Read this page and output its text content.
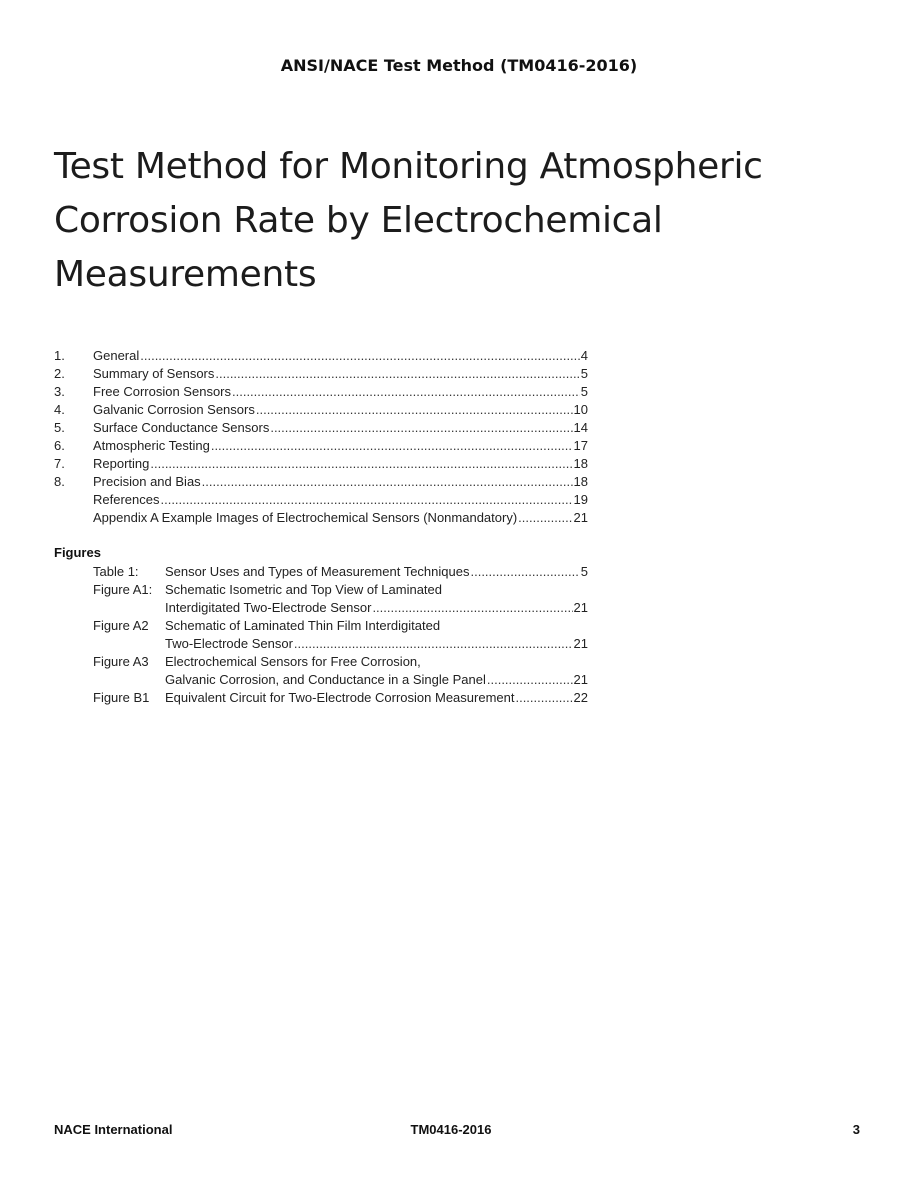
ANSI/NACE Test Method (TM0416-2016)
Test Method for Monitoring Atmospheric Corrosion Rate by Electrochemical Measurements
1.	General .....	4
2.	Summary of Sensors .....	5
3.	Free Corrosion Sensors .....	5
4.	Galvanic Corrosion Sensors .....	10
5.	Surface Conductance Sensors .....	14
6.	Atmospheric Testing .....	17
7.	Reporting .....	18
8.	Precision and Bias .....	18
References .....	19
Appendix A Example Images of Electrochemical Sensors (Nonmandatory) .....	21
Figures
Table 1:	Sensor Uses and Types of Measurement Techniques .....	5
Figure A1: Schematic Isometric and Top View of Laminated
Interdigitated Two-Electrode Sensor .....	21
Figure A2	Schematic of Laminated Thin Film Interdigitated
Two-Electrode Sensor .....	21
Figure A3	Electrochemical Sensors for Free Corrosion,
Galvanic Corrosion, and Conductance in a Single Panel .....	21
Figure B1	Equivalent Circuit for Two-Electrode Corrosion Measurement .....	22
NACE International	TM0416-2016	3
